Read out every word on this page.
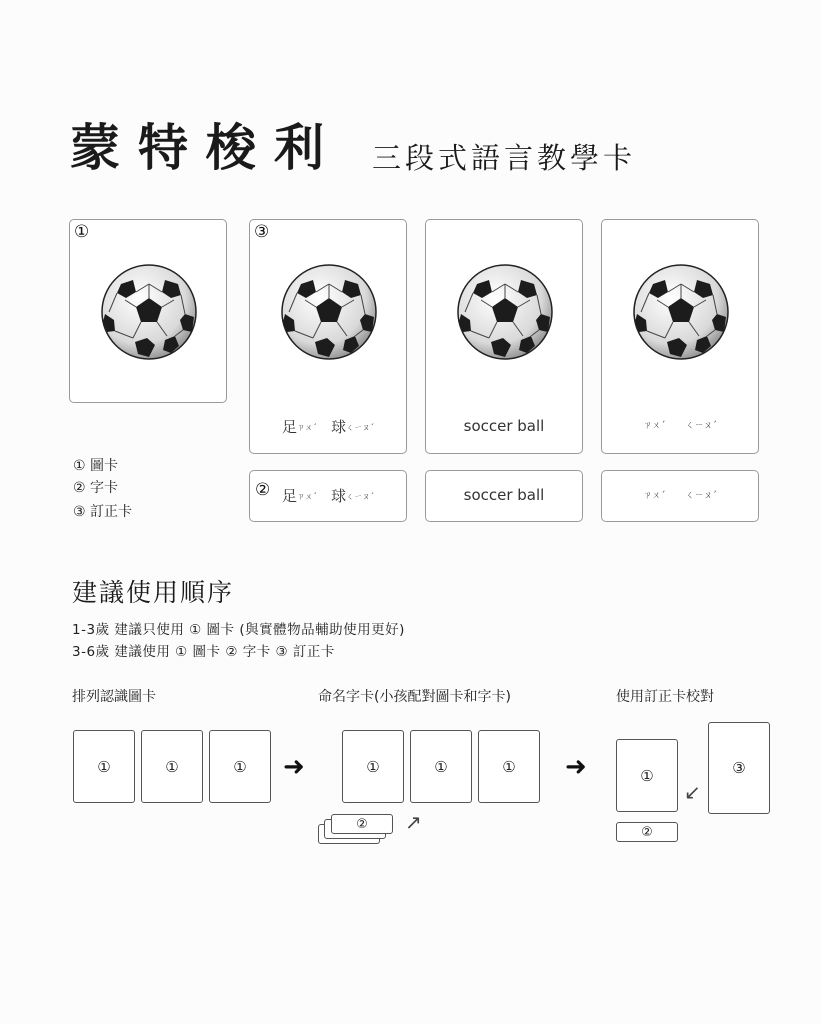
蒙特梭利 三段式語言教學卡
①	③
足ㄗㄨˊ 球ㄑㄧㄡˊ	soccer ball	ㄗㄨˊ ㄑㄧㄡˊ
② 足ㄗㄨˊ 球ㄑㄧㄡˊ	soccer ball	ㄗㄨˊ ㄑㄧㄡˊ
① 圖卡
② 字卡
③ 訂正卡
建議使用順序
1-3歲 建議只使用 ① 圖卡 (與實體物品輔助使用更好)
3-6歲 建議使用 ① 圖卡 ② 字卡 ③ 訂正卡
排列認識圖卡	命名字卡(小孩配對圖卡和字卡)	使用訂正卡校對
①	①	①	➜	①	①	①
②	↗
➜	①
②
③
↙
